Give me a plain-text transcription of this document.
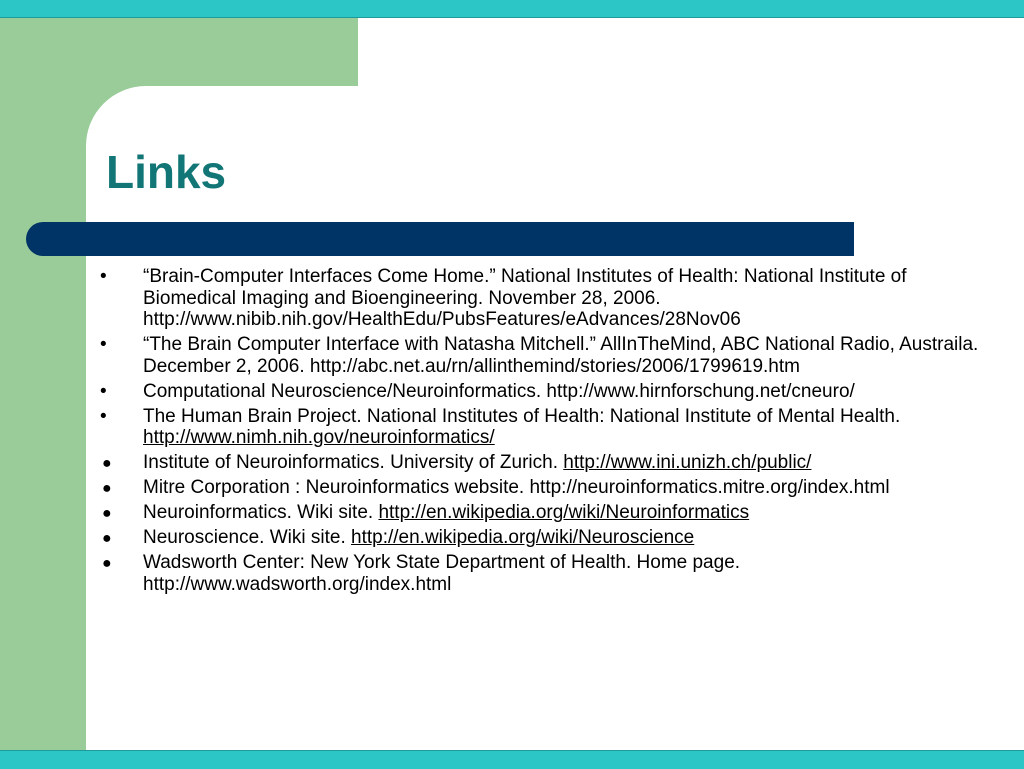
Links
•	“Brain-Computer Interfaces Come Home.” National Institutes of Health: National Institute of Biomedical Imaging and Bioengineering. November 28, 2006. http://www.nibib.nih.gov/HealthEdu/PubsFeatures/eAdvances/28Nov06
•	“The Brain Computer Interface with Natasha Mitchell.” AllInTheMind, ABC National Radio, Austraila. December 2, 2006. http://abc.net.au/rn/allinthemind/stories/2006/1799619.htm
•	Computational Neuroscience/Neuroinformatics. http://www.hirnforschung.net/cneuro/
•	The Human Brain Project. National Institutes of Health: National Institute of Mental Health. http://www.nimh.nih.gov/neuroinformatics/
●	Institute of Neuroinformatics. University of Zurich. http://www.ini.unizh.ch/public/
●	Mitre Corporation : Neuroinformatics website. http://neuroinformatics.mitre.org/index.html
●	Neuroinformatics. Wiki site. http://en.wikipedia.org/wiki/Neuroinformatics
●	Neuroscience. Wiki site. http://en.wikipedia.org/wiki/Neuroscience
●	Wadsworth Center: New York State Department of Health. Home page. http://www.wadsworth.org/index.html
